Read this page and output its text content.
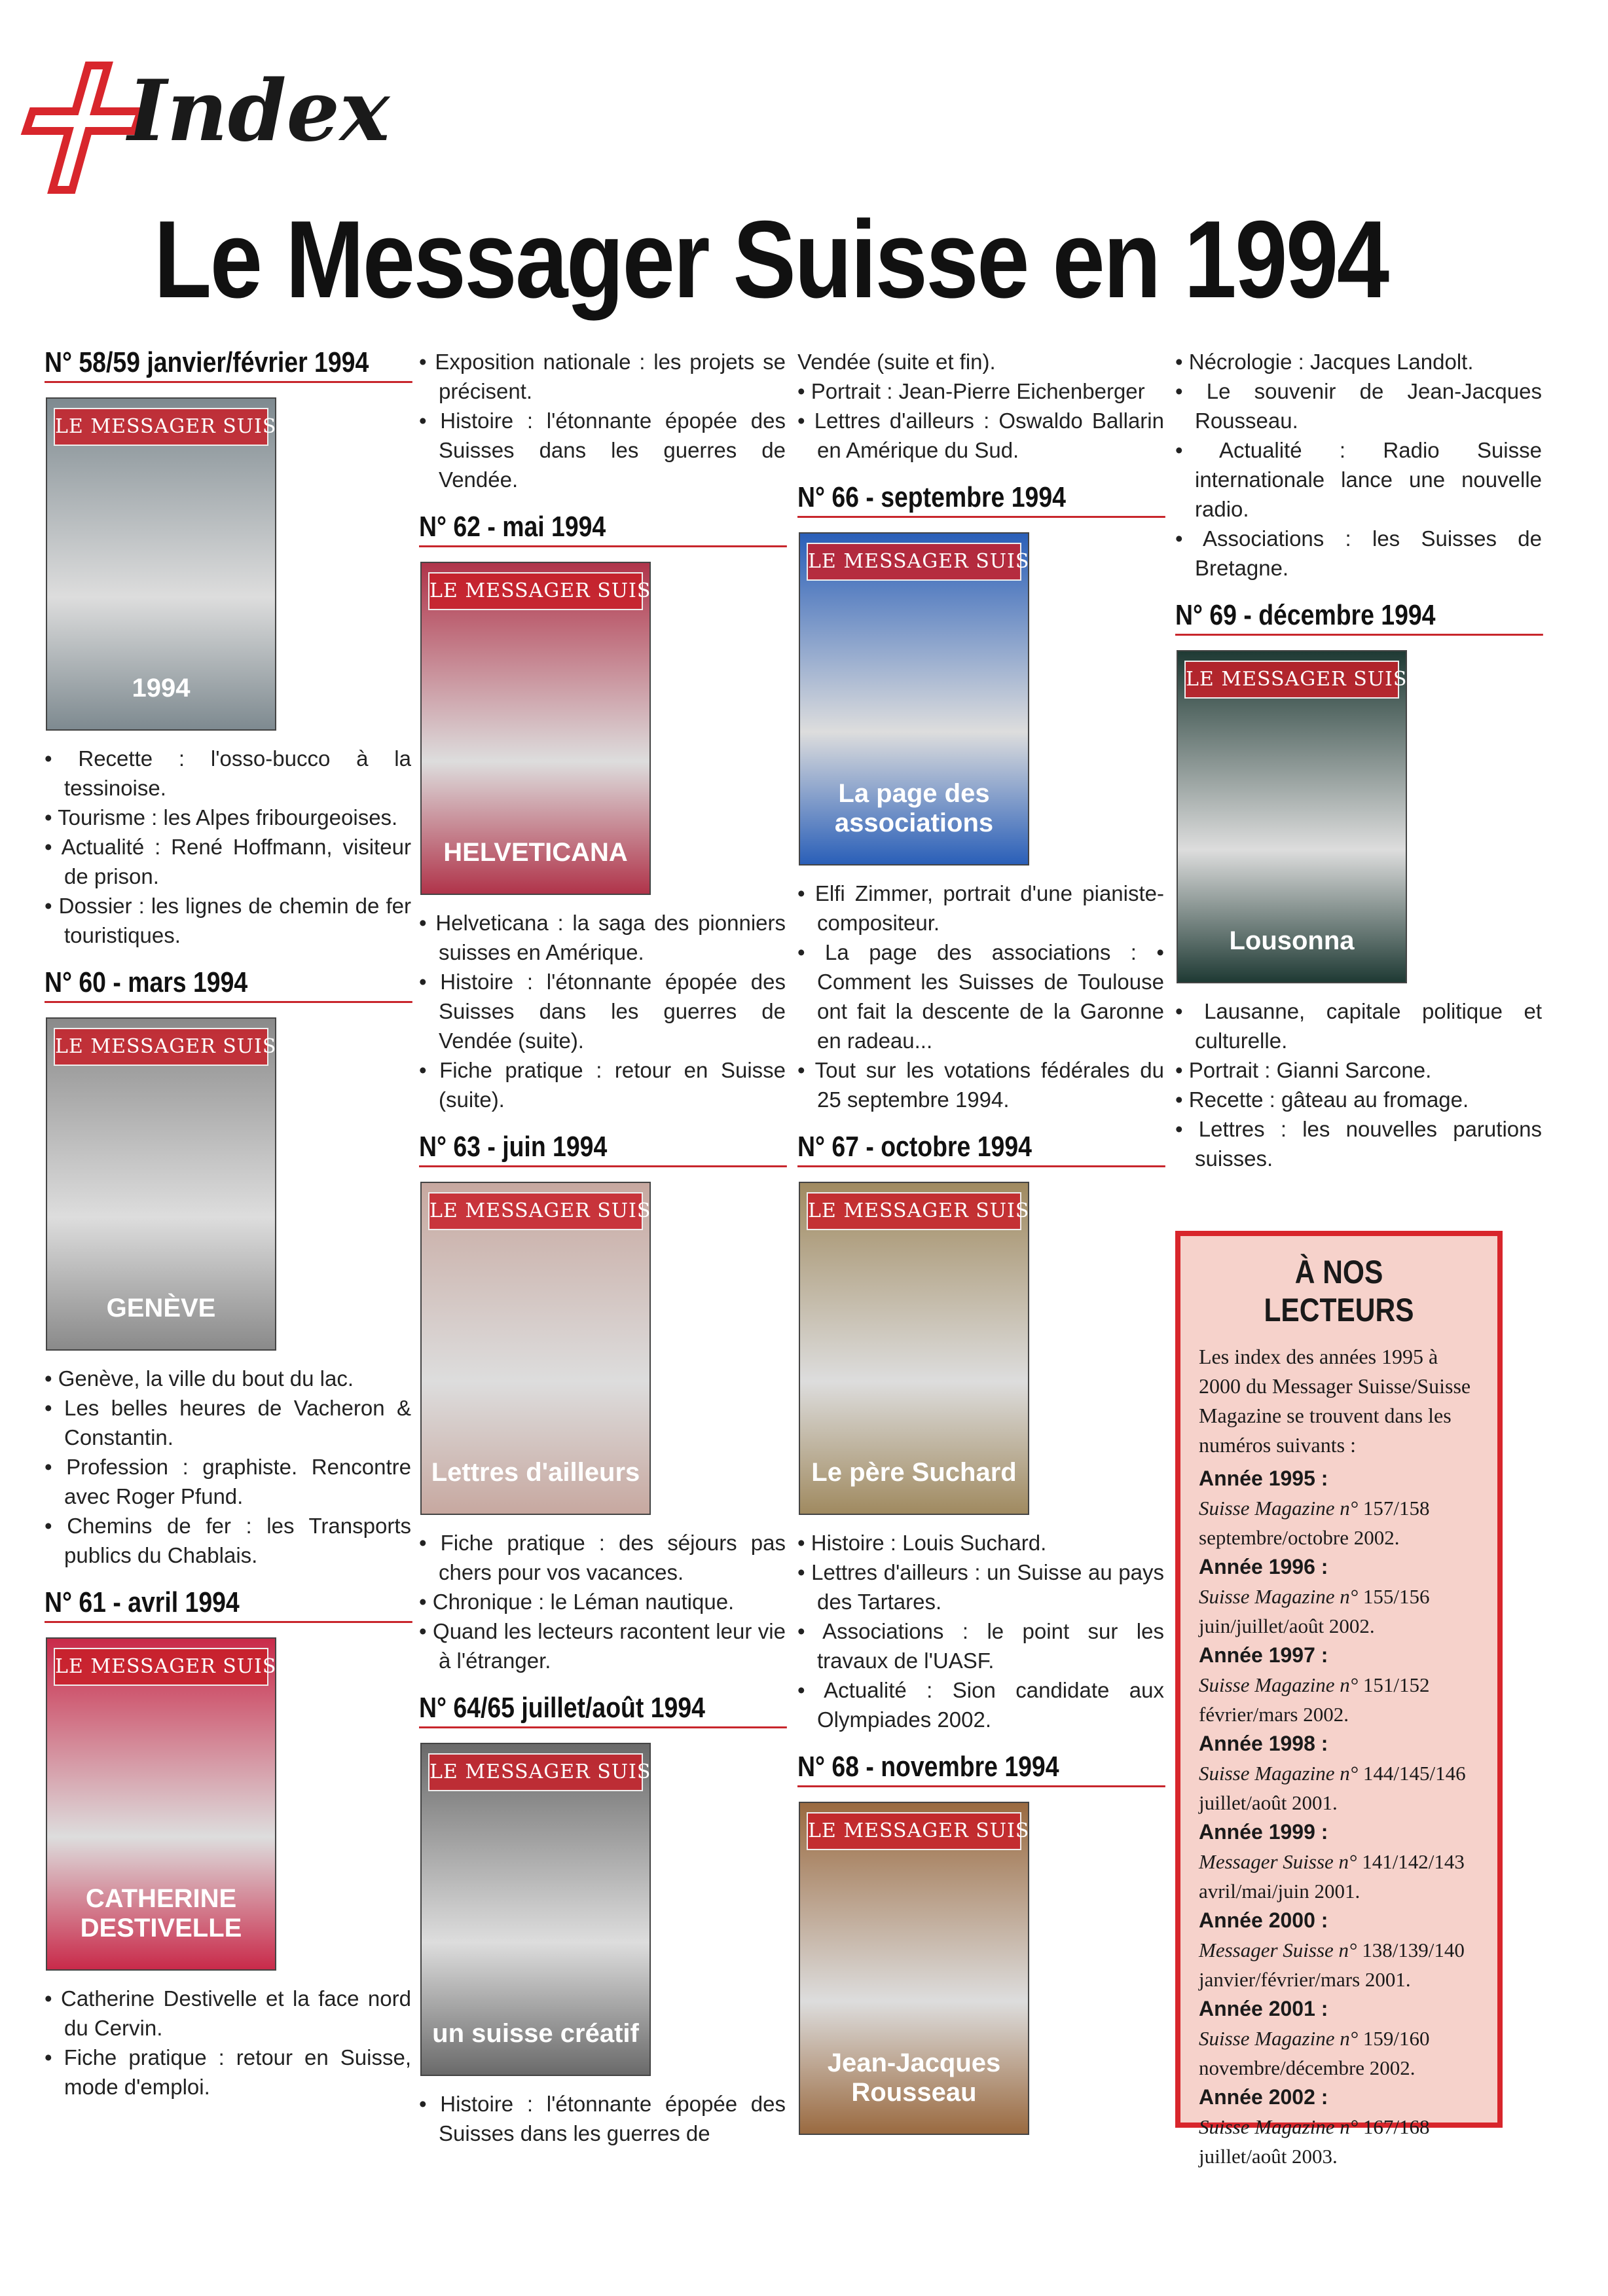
Index
Le Messager Suisse en 1994
N° 58/59 janvier/février 1994
LE MESSAGER SUISSE
1994
• Recette : l'osso-bucco à la tessinoise.
• Tourisme : les Alpes fribourgeoises.
• Actualité : René Hoffmann, visiteur de prison.
• Dossier : les lignes de chemin de fer touristiques.
N° 60 - mars 1994
LE MESSAGER SUISSE
GENÈVE
• Genève, la ville du bout du lac.
• Les belles heures de Vacheron & Constantin.
• Profession : graphiste. Rencontre avec Roger Pfund.
• Chemins de fer : les Transports publics du Chablais.
N° 61 - avril 1994
LE MESSAGER SUISSE
CATHERINE DESTIVELLE
• Catherine Destivelle et la face nord du Cervin.
• Fiche pratique : retour en Suisse, mode d'emploi.
• Exposition nationale : les projets se précisent.
• Histoire : l'étonnante épopée des Suisses dans les guerres de Vendée.
N° 62 - mai 1994
LE MESSAGER SUISSE
HELVETICANA
• Helveticana : la saga des pionniers suisses en Amérique.
• Histoire : l'étonnante épopée des Suisses dans les guerres de Vendée (suite).
• Fiche pratique : retour en Suisse (suite).
N° 63 - juin 1994
LE MESSAGER SUISSE
Lettres d'ailleurs
• Fiche pratique : des séjours pas chers pour vos vacances.
• Chronique : le Léman nautique.
• Quand les lecteurs racontent leur vie à l'étranger.
N° 64/65 juillet/août 1994
LE MESSAGER SUISSE
un suisse créatif
• Histoire : l'étonnante épopée des Suisses dans les guerres de
Vendée (suite et fin).
• Portrait : Jean-Pierre Eichenberger
• Lettres d'ailleurs : Oswaldo Ballarin en Amérique du Sud.
N° 66 - septembre 1994
LE MESSAGER SUISSE
La page des associations
• Elfi Zimmer, portrait d'une pianiste-compositeur.
• La page des associations : • Comment les Suisses de Toulouse ont fait la descente de la Garonne en radeau...
• Tout sur les votations fédérales du 25 septembre 1994.
N° 67 - octobre 1994
LE MESSAGER SUISSE
Le père Suchard
• Histoire : Louis Suchard.
• Lettres d'ailleurs : un Suisse au pays des Tartares.
• Associations : le point sur les travaux de l'UASF.
• Actualité : Sion candidate aux Olympiades 2002.
N° 68 - novembre 1994
LE MESSAGER SUISSE
Jean-Jacques Rousseau
• Nécrologie : Jacques Landolt.
• Le souvenir de Jean-Jacques Rousseau.
• Actualité : Radio Suisse internationale lance une nouvelle radio.
• Associations : les Suisses de Bretagne.
N° 69 - décembre 1994
LE MESSAGER SUISSE
Lousonna
• Lausanne, capitale politique et culturelle.
• Portrait : Gianni Sarcone.
• Recette : gâteau au fromage.
• Lettres : les nouvelles parutions suisses.
À NOS LECTEURS
Les index des années 1995 à 2000 du Messager Suisse/Suisse Magazine se trouvent dans les numéros suivants :
Année 1995 :
Suisse Magazine n° 157/158 septembre/octobre 2002.
Année 1996 :
Suisse Magazine n° 155/156 juin/juillet/août 2002.
Année 1997 :
Suisse Magazine n° 151/152 février/mars 2002.
Année 1998 :
Suisse Magazine n° 144/145/146 juillet/août 2001.
Année 1999 :
Messager Suisse n° 141/142/143 avril/mai/juin 2001.
Année 2000 :
Messager Suisse n° 138/139/140 janvier/février/mars 2001.
Année 2001 :
Suisse Magazine n° 159/160 novembre/décembre 2002.
Année 2002 :
Suisse Magazine n° 167/168 juillet/août 2003.
